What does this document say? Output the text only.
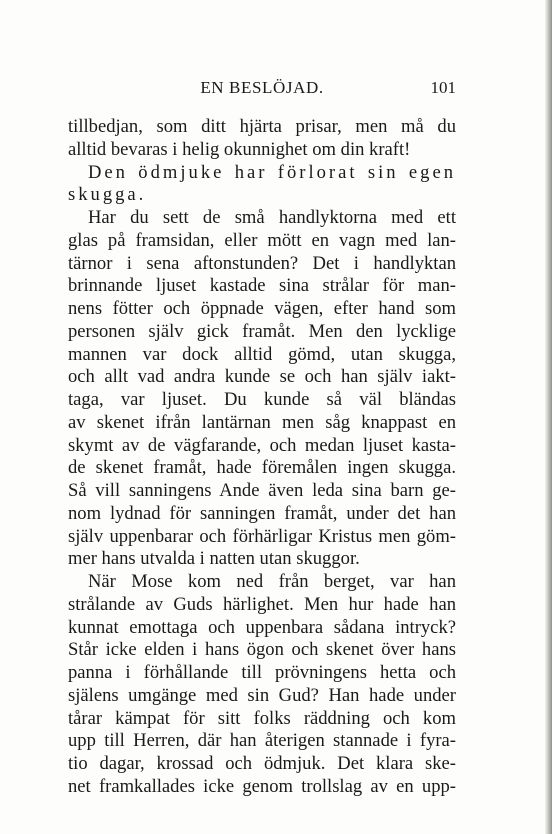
EN BESLÖJAD.	101
tillbedjan, som ditt hjärta prisar, men må du
alltid bevaras i helig okunnighet om din kraft!
Den ödmjuke har förlorat sin egen
skugga.
Har du sett de små handlyktorna med ett
glas på framsidan, eller mött en vagn med lan-
tärnor i sena aftonstunden? Det i handlyktan
brinnande ljuset kastade sina strålar för man-
nens fötter och öppnade vägen, efter hand som
personen själv gick framåt. Men den lycklige
mannen var dock alltid gömd, utan skugga,
och allt vad andra kunde se och han själv iakt-
taga, var ljuset. Du kunde så väl bländas
av skenet ifrån lantärnan men såg knappast en
skymt av de vägfarande, och medan ljuset kasta-
de skenet framåt, hade föremålen ingen skugga.
Så vill sanningens Ande även leda sina barn ge-
nom lydnad för sanningen framåt, under det han
själv uppenbarar och förhärligar Kristus men göm-
mer hans utvalda i natten utan skuggor.
När Mose kom ned från berget, var han
strålande av Guds härlighet. Men hur hade han
kunnat emottaga och uppenbara sådana intryck?
Står icke elden i hans ögon och skenet över hans
panna i förhållande till prövningens hetta och
själens umgänge med sin Gud? Han hade under
tårar kämpat för sitt folks räddning och kom
upp till Herren, där han återigen stannade i fyra-
tio dagar, krossad och ödmjuk. Det klara ske-
net framkallades icke genom trollslag av en upp-
